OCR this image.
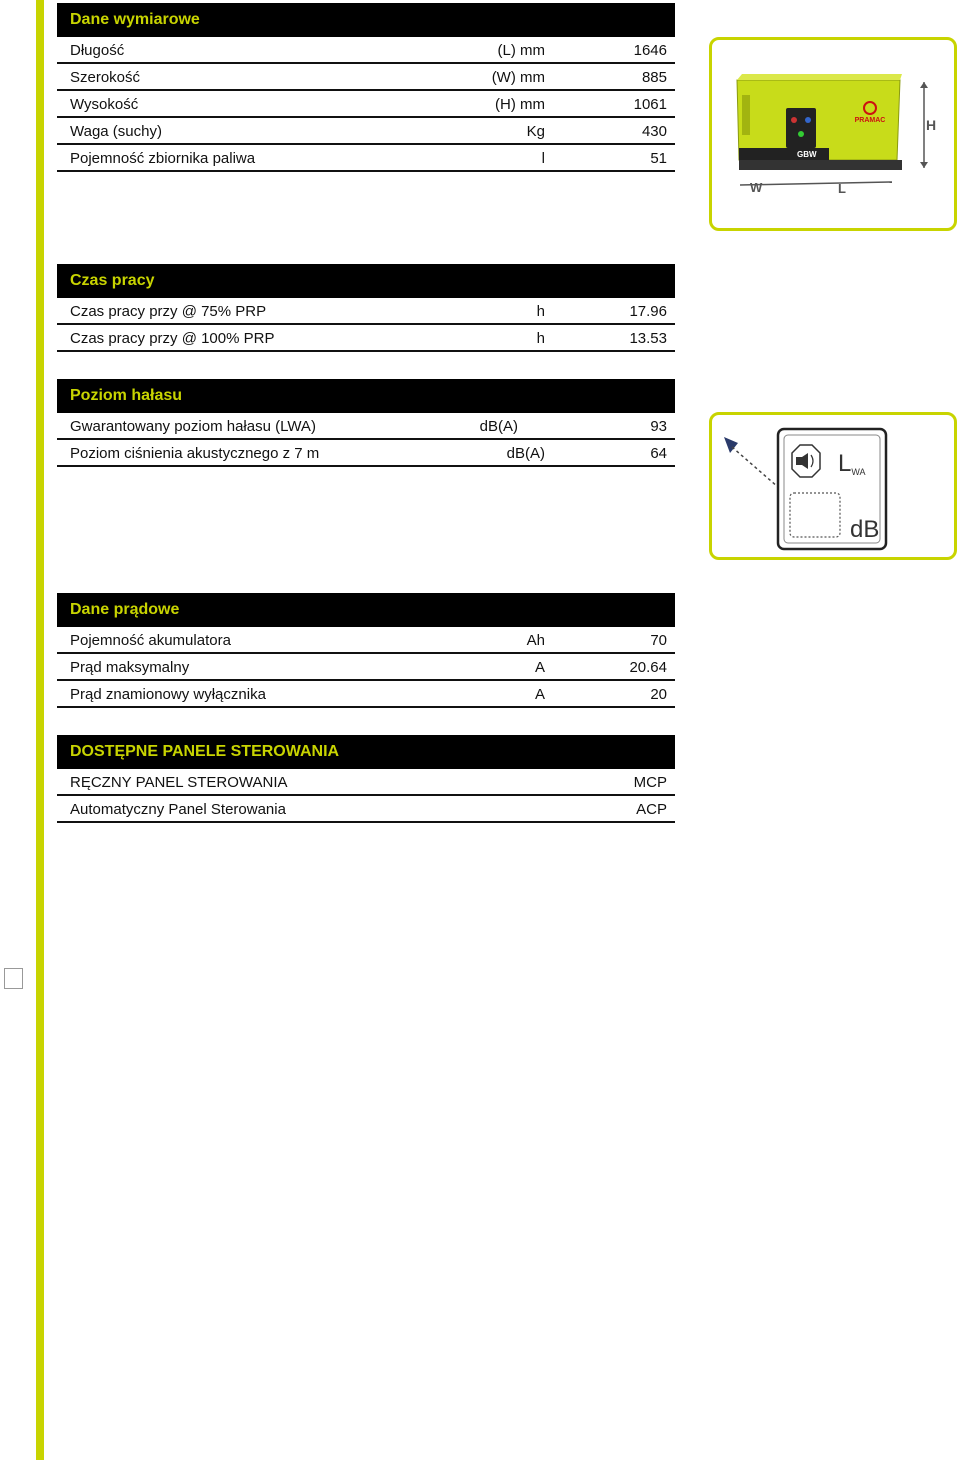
Dane wymiarowe
Długość	(L) mm	1646
Szerokość	(W) mm	885
Wysokość	(H) mm	1061
Waga (suchy)	Kg	430
Pojemność zbiornika paliwa	l	51
PRAMAC
GBW
H
W	L
Czas pracy
Czas pracy przy @ 75% PRP	h	17.96
Czas pracy przy @ 100% PRP	h	13.53
Poziom hałasu
Gwarantowany poziom hałasu (LWA)	dB(A)	93
Poziom ciśnienia akustycznego z 7 m	dB(A)	64	LWA
dB
Dane prądowe
Pojemność akumulatora	Ah	70
Prąd maksymalny	A	20.64
Prąd znamionowy wyłącznika	A	20
DOSTĘPNE PANELE STEROWANIA
RĘCZNY PANEL STEROWANIA	MCP
Automatyczny Panel Sterowania	ACP
